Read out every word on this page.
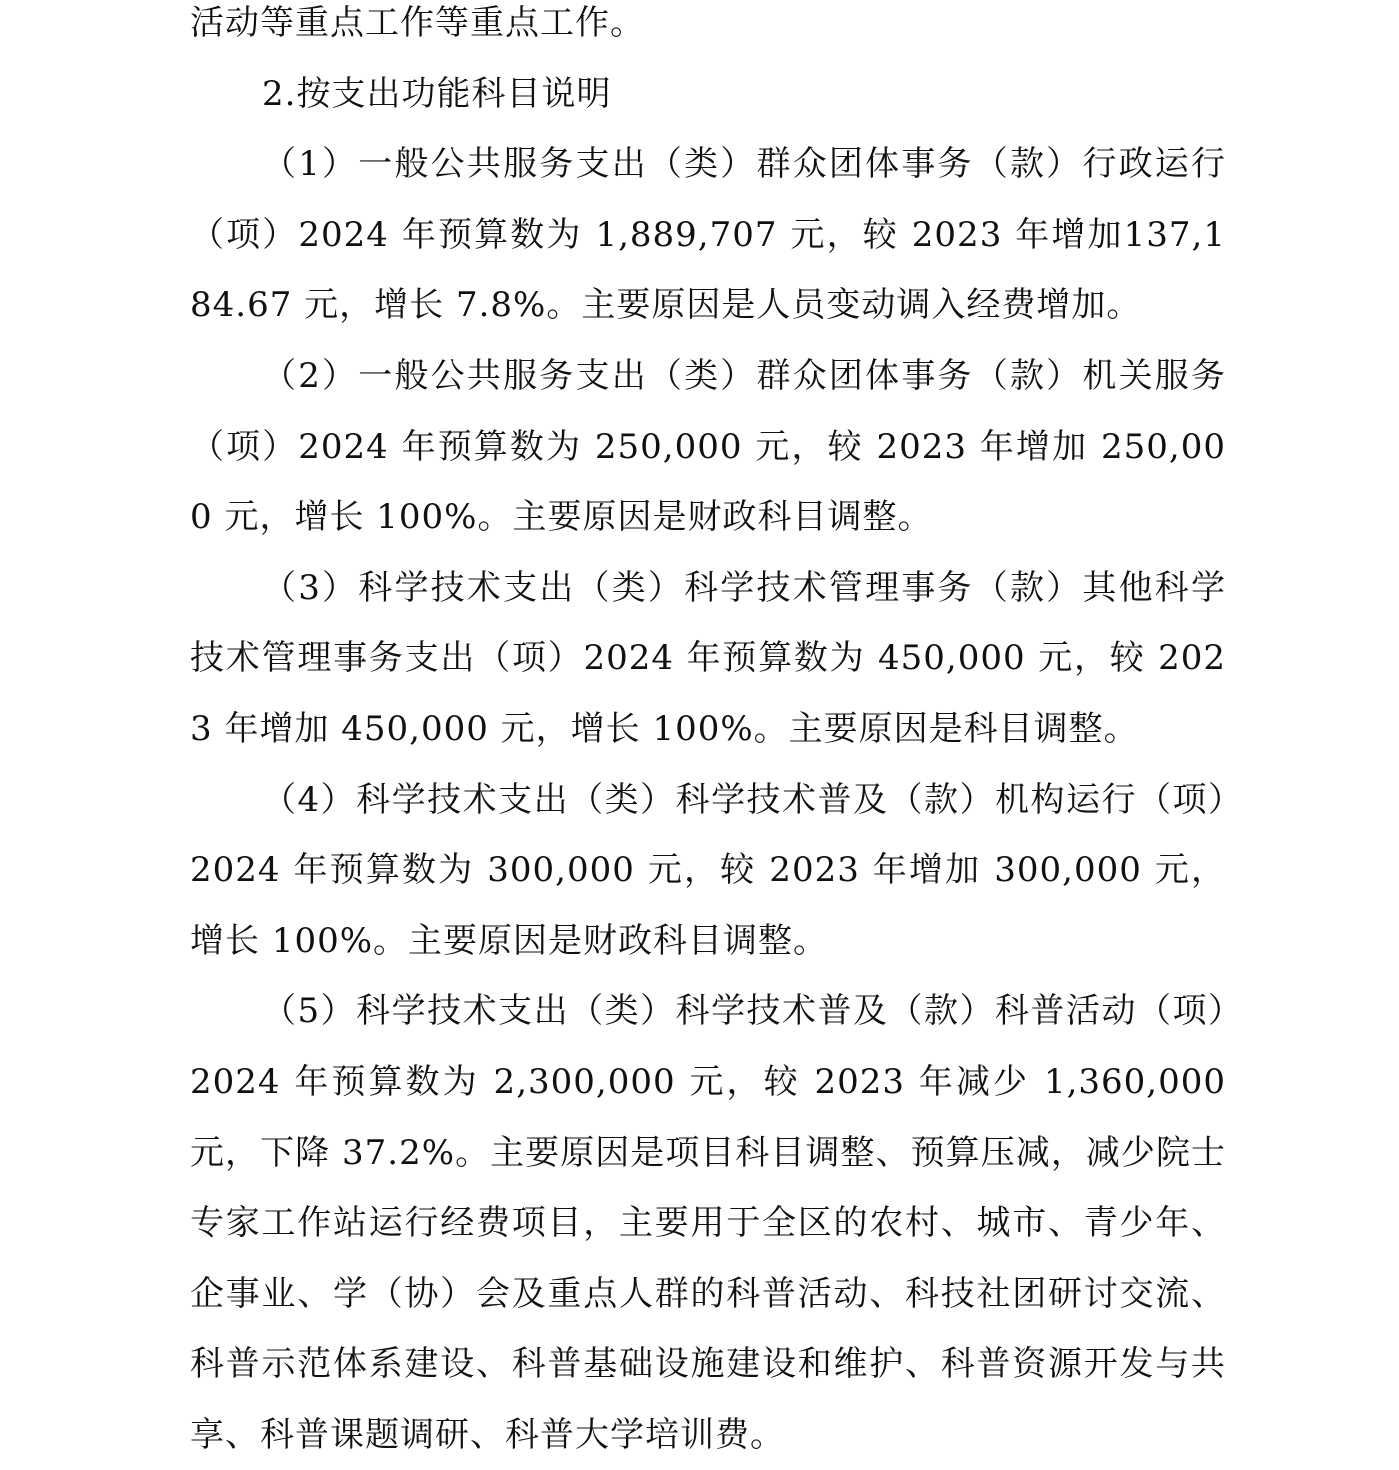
活动等重点工作等重点工作。

2.按支出功能科目说明

（1）一般公共服务支出（类）群众团体事务（款）行政运行（项）2024 年预算数为 1,889,707 元，较 2023 年增加137,184.67 元，增长 7.8%。主要原因是人员变动调入经费增加。

（2）一般公共服务支出（类）群众团体事务（款）机关服务（项）2024 年预算数为 250,000 元，较 2023 年增加 250,000 元，增长 100%。主要原因是财政科目调整。

（3）科学技术支出（类）科学技术管理事务（款）其他科学技术管理事务支出（项）2024 年预算数为 450,000 元，较 2023 年增加 450,000 元，增长 100%。主要原因是科目调整。

（4）科学技术支出（类）科学技术普及（款）机构运行（项）2024 年预算数为 300,000 元，较 2023 年增加 300,000 元，增长 100%。主要原因是财政科目调整。

（5）科学技术支出（类）科学技术普及（款）科普活动（项）2024 年预算数为 2,300,000 元，较 2023 年减少 1,360,000 元，下降 37.2%。主要原因是项目科目调整、预算压减，减少院士专家工作站运行经费项目，主要用于全区的农村、城市、青少年、企事业、学（协）会及重点人群的科普活动、科技社团研讨交流、科普示范体系建设、科普基础设施建设和维护、科普资源开发与共享、科普课题调研、科普大学培训费。
